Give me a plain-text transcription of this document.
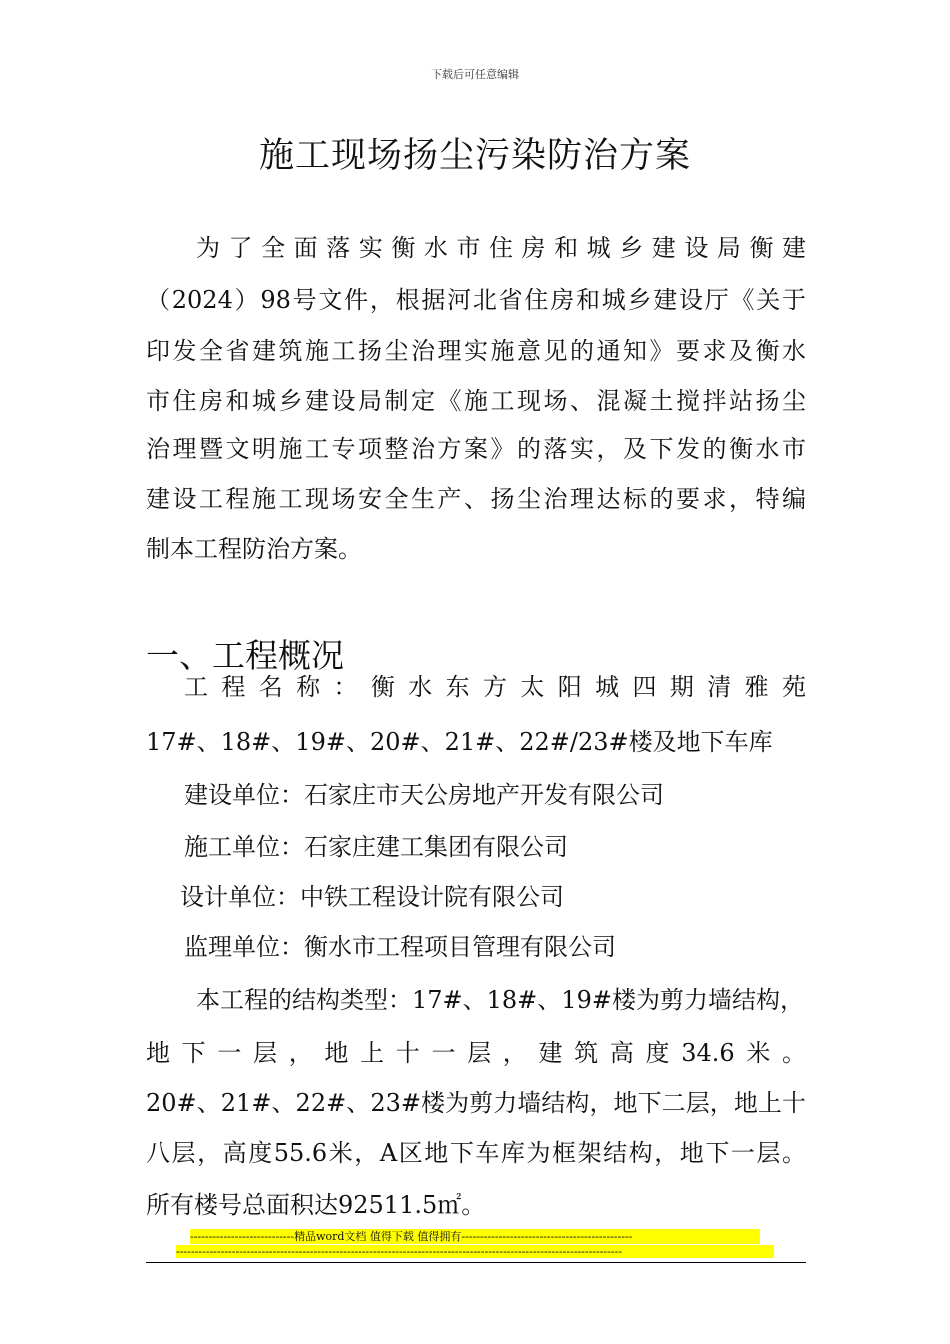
下载后可任意编辑
施工现场扬尘污染防治方案
为了全面落实衡水市住房和城乡建设局衡建
（2024）98号文件，根据河北省住房和城乡建设厅《关于
印发全省建筑施工扬尘治理实施意见的通知》要求及衡水
市住房和城乡建设局制定《施工现场、混凝土搅拌站扬尘
治理暨文明施工专项整治方案》的落实，及下发的衡水市
建设工程施工现场安全生产、扬尘治理达标的要求，特编
制本工程防治方案。
一、工程概况
工程名称：衡水东方太阳城四期清雅苑
17#、18#、19#、20#、21#、22#/23#楼及地下车库
建设单位：石家庄市天公房地产开发有限公司
施工单位：石家庄建工集团有限公司
设计单位：中铁工程设计院有限公司
监理单位：衡水市工程项目管理有限公司
本工程的结构类型：17#、18#、19#楼为剪力墙结构，
地下一层，地上十一层，建筑高度34.6米。
20#、21#、22#、23#楼为剪力墙结构，地下二层，地上十
八层，高度55.6米，A区地下车库为框架结构，地下一层。
所有楼号总面积达92511.5㎡。
----------------------------精品word文档 值得下载 值得拥有----------------------------------------------
------------------------------------------------------------------------------------------------------------------------
